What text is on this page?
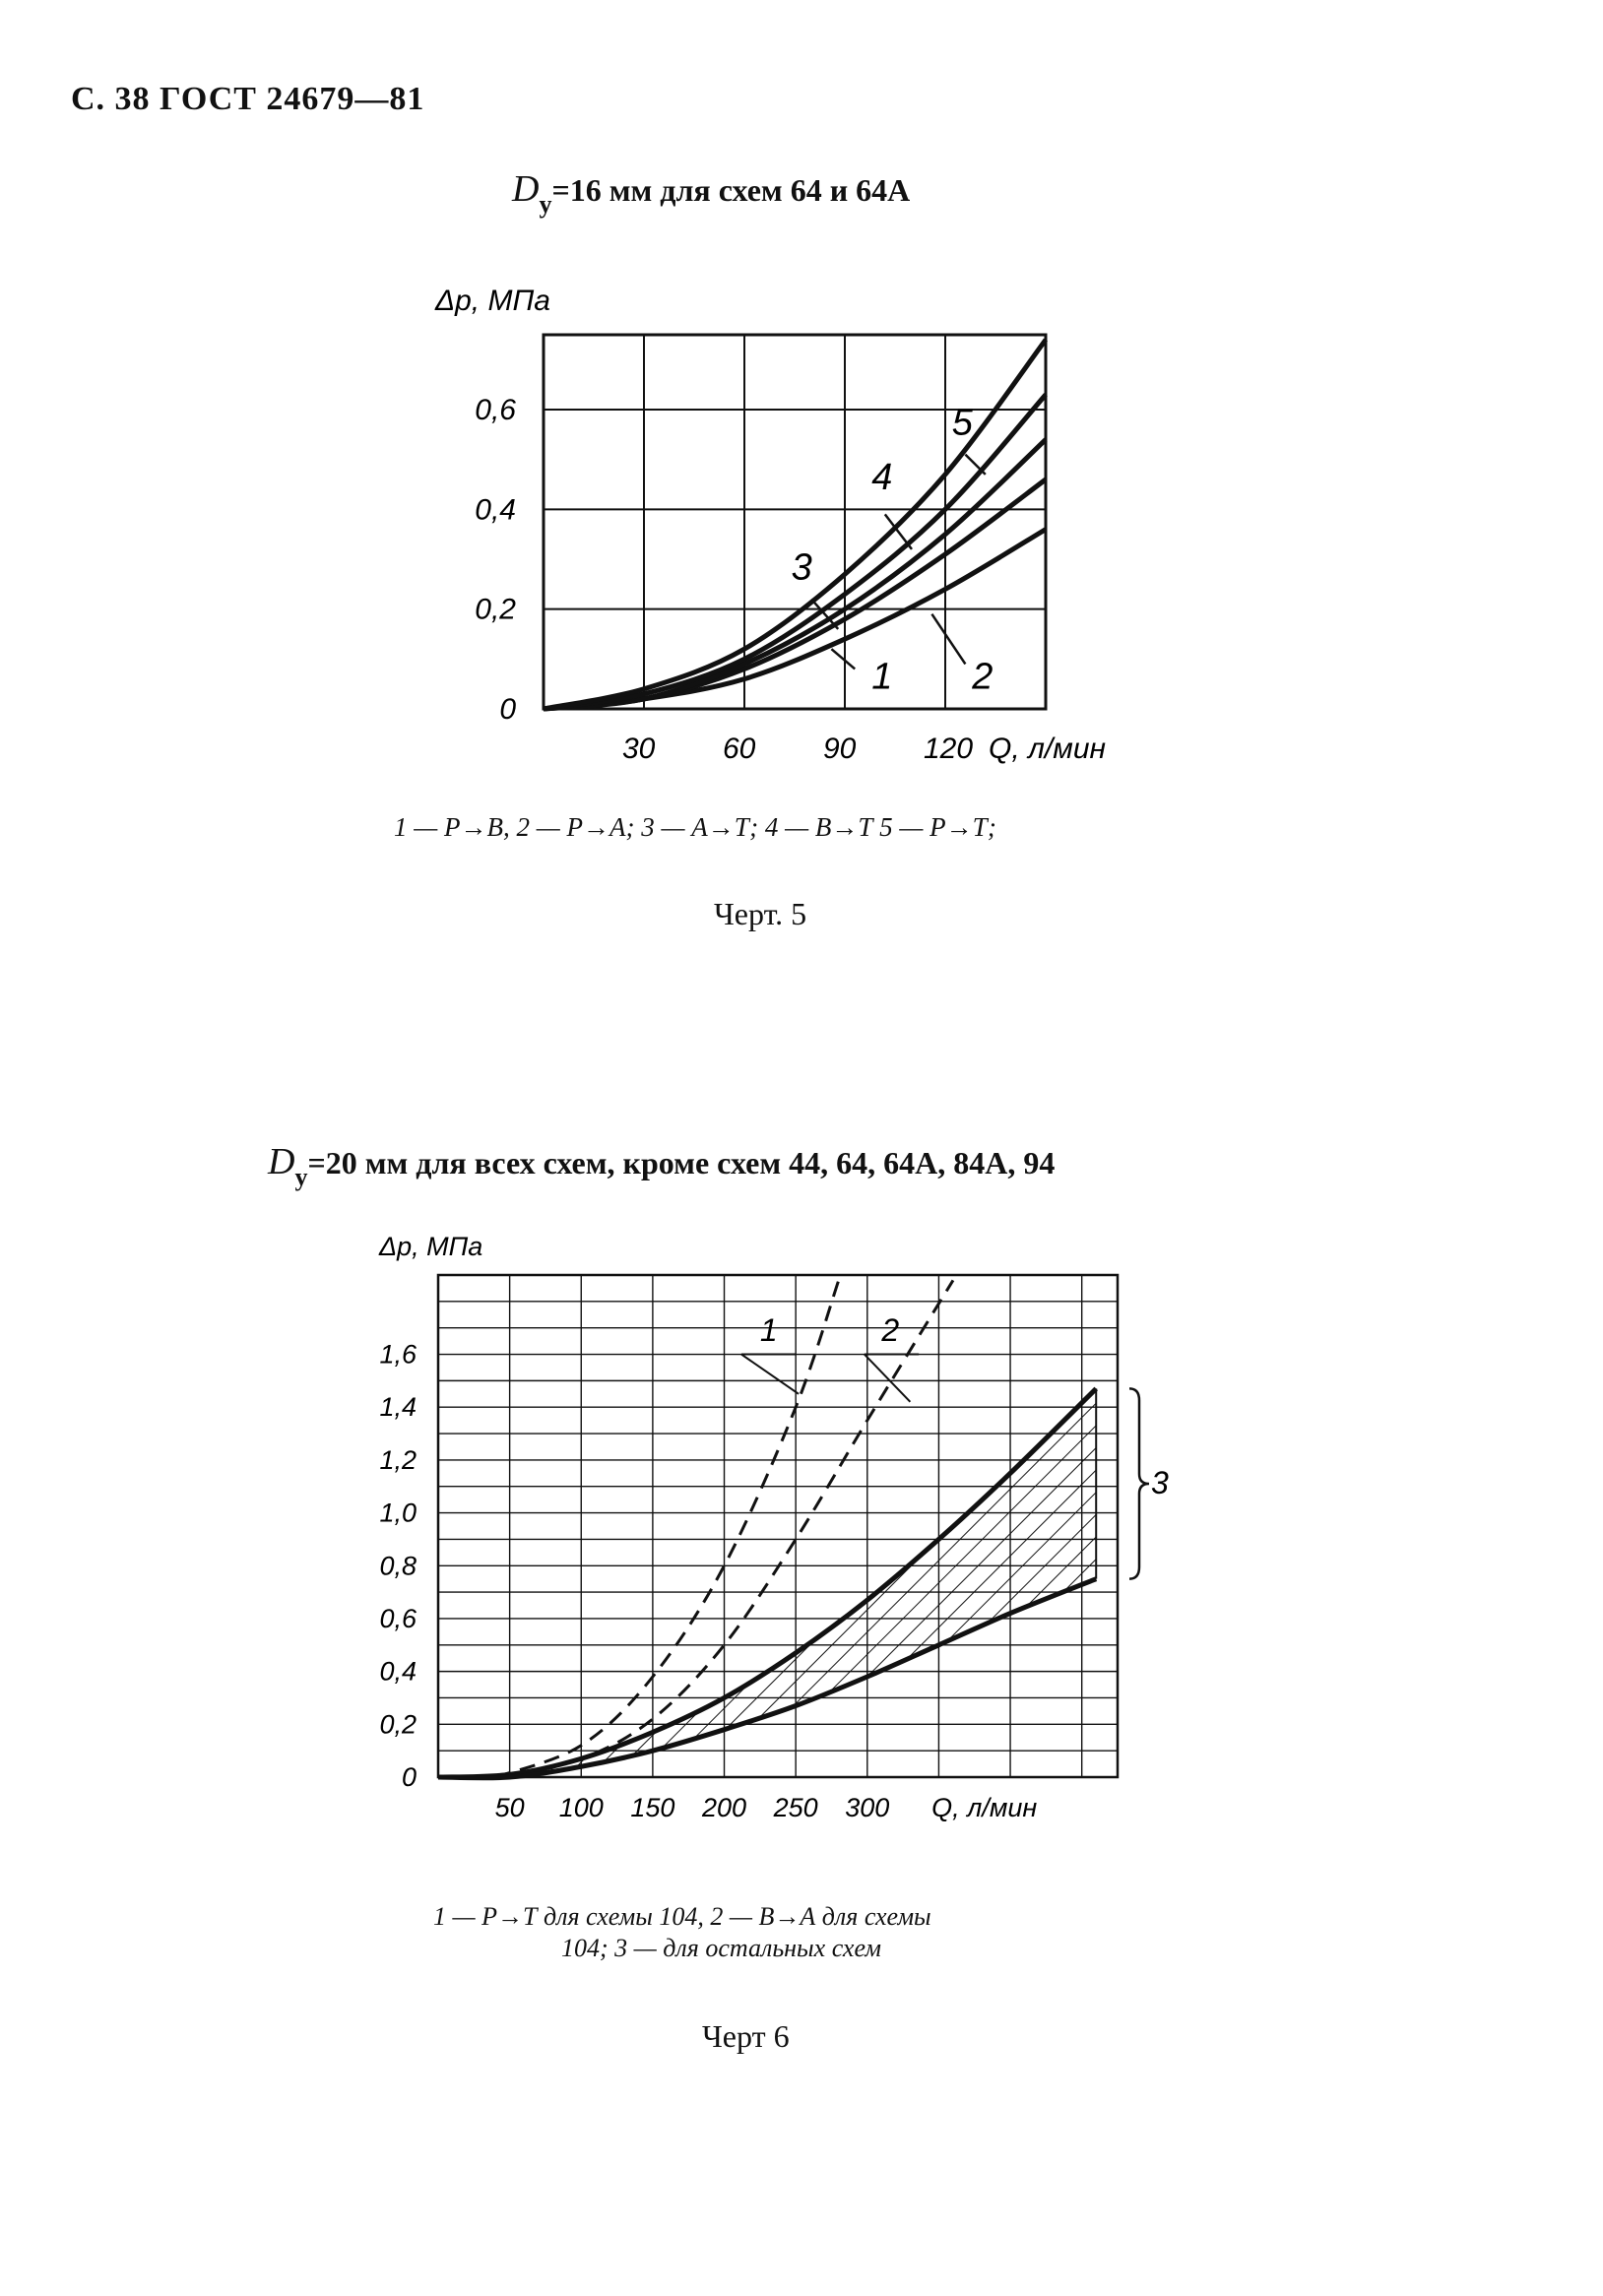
С. 38 ГОСТ 24679—81
$D_у=16$ мм для схем 64 и 64А
30 60 90 120
0
0,2
0,4
0,6
Δр, МПа
Q, л/мин
1 2
3
4
5
1 — Р→В, 2 — Р→А; 3 — А→Т; 4 — В→Т 5 — Р→Т;
Черт. 5
$D_у=20$ мм для всех схем, кроме схем 44, 64, 64А, 84А, 94
50 100 150 200 250 300
0
0,2
0,4
0,6
0,8
1,0
1,2
1,4
1,6
Δр, МПа
Q, л/мин
1	2
3
1 — Р→Т для схемы 104, 2 — В→А для схемы
104; 3 — для остальных схем
Черт 6
